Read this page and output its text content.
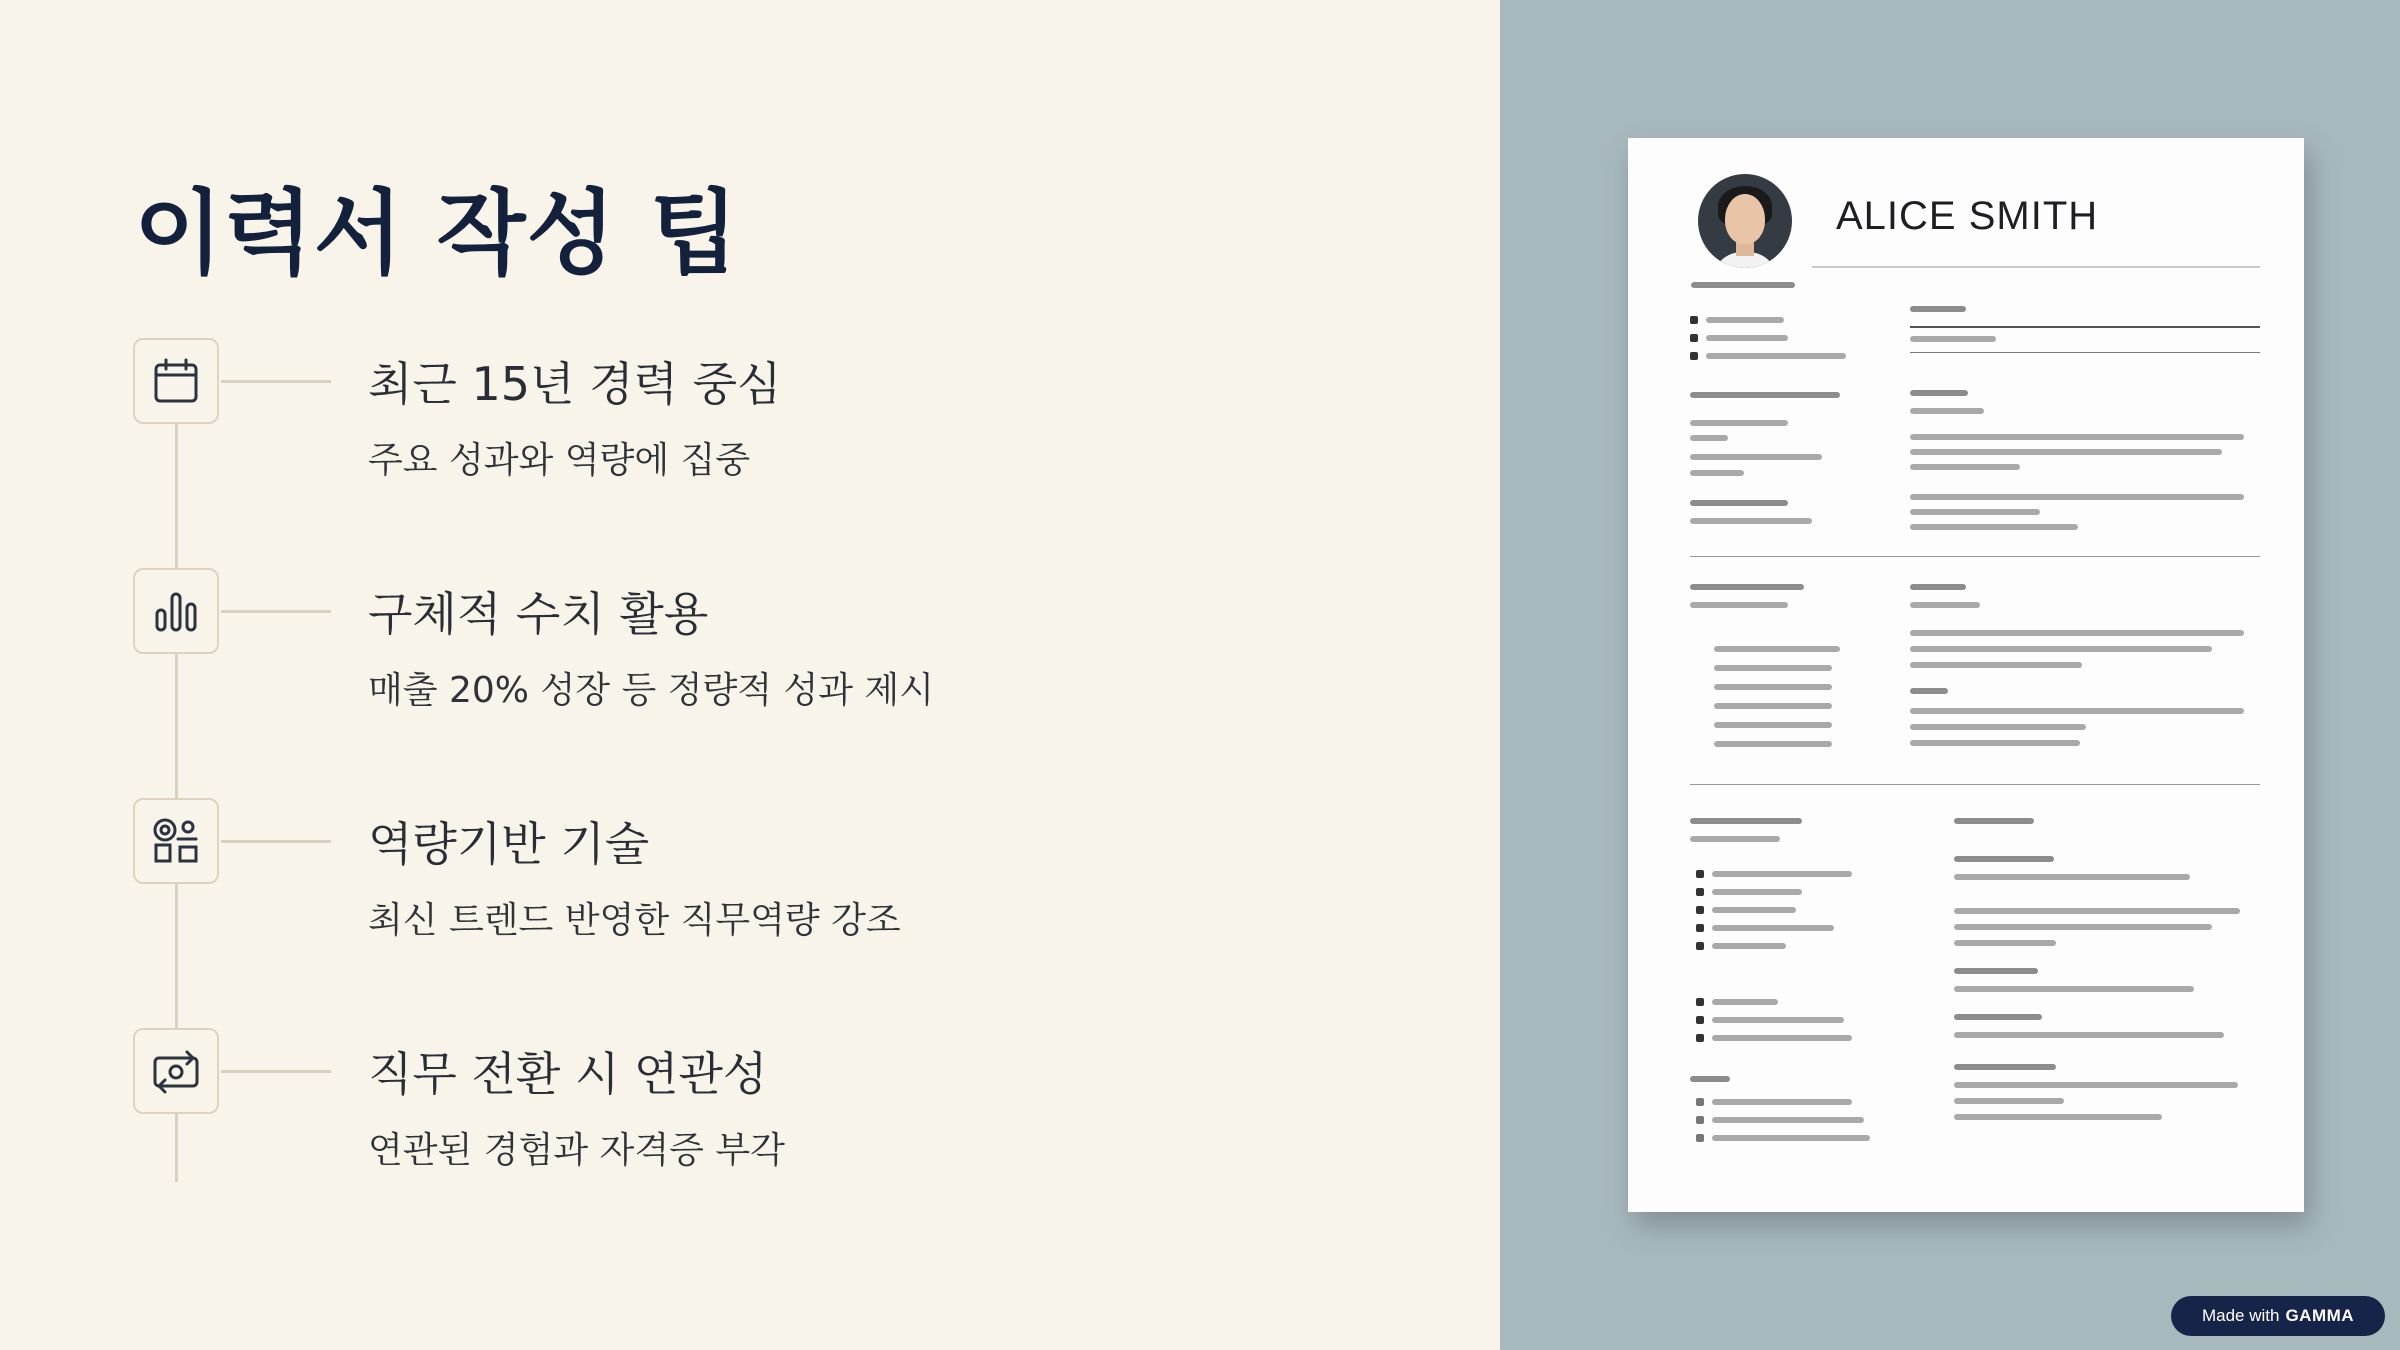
이력서 작성 팁
최근 15년 경력 중심
주요 성과와 역량에 집중
구체적 수치 활용
매출 20% 성장 등 정량적 성과 제시
역량기반 기술
최신 트렌드 반영한 직무역량 강조
직무 전환 시 연관성
연관된 경험과 자격증 부각
ALICE SMITH
Made with GAMMA
